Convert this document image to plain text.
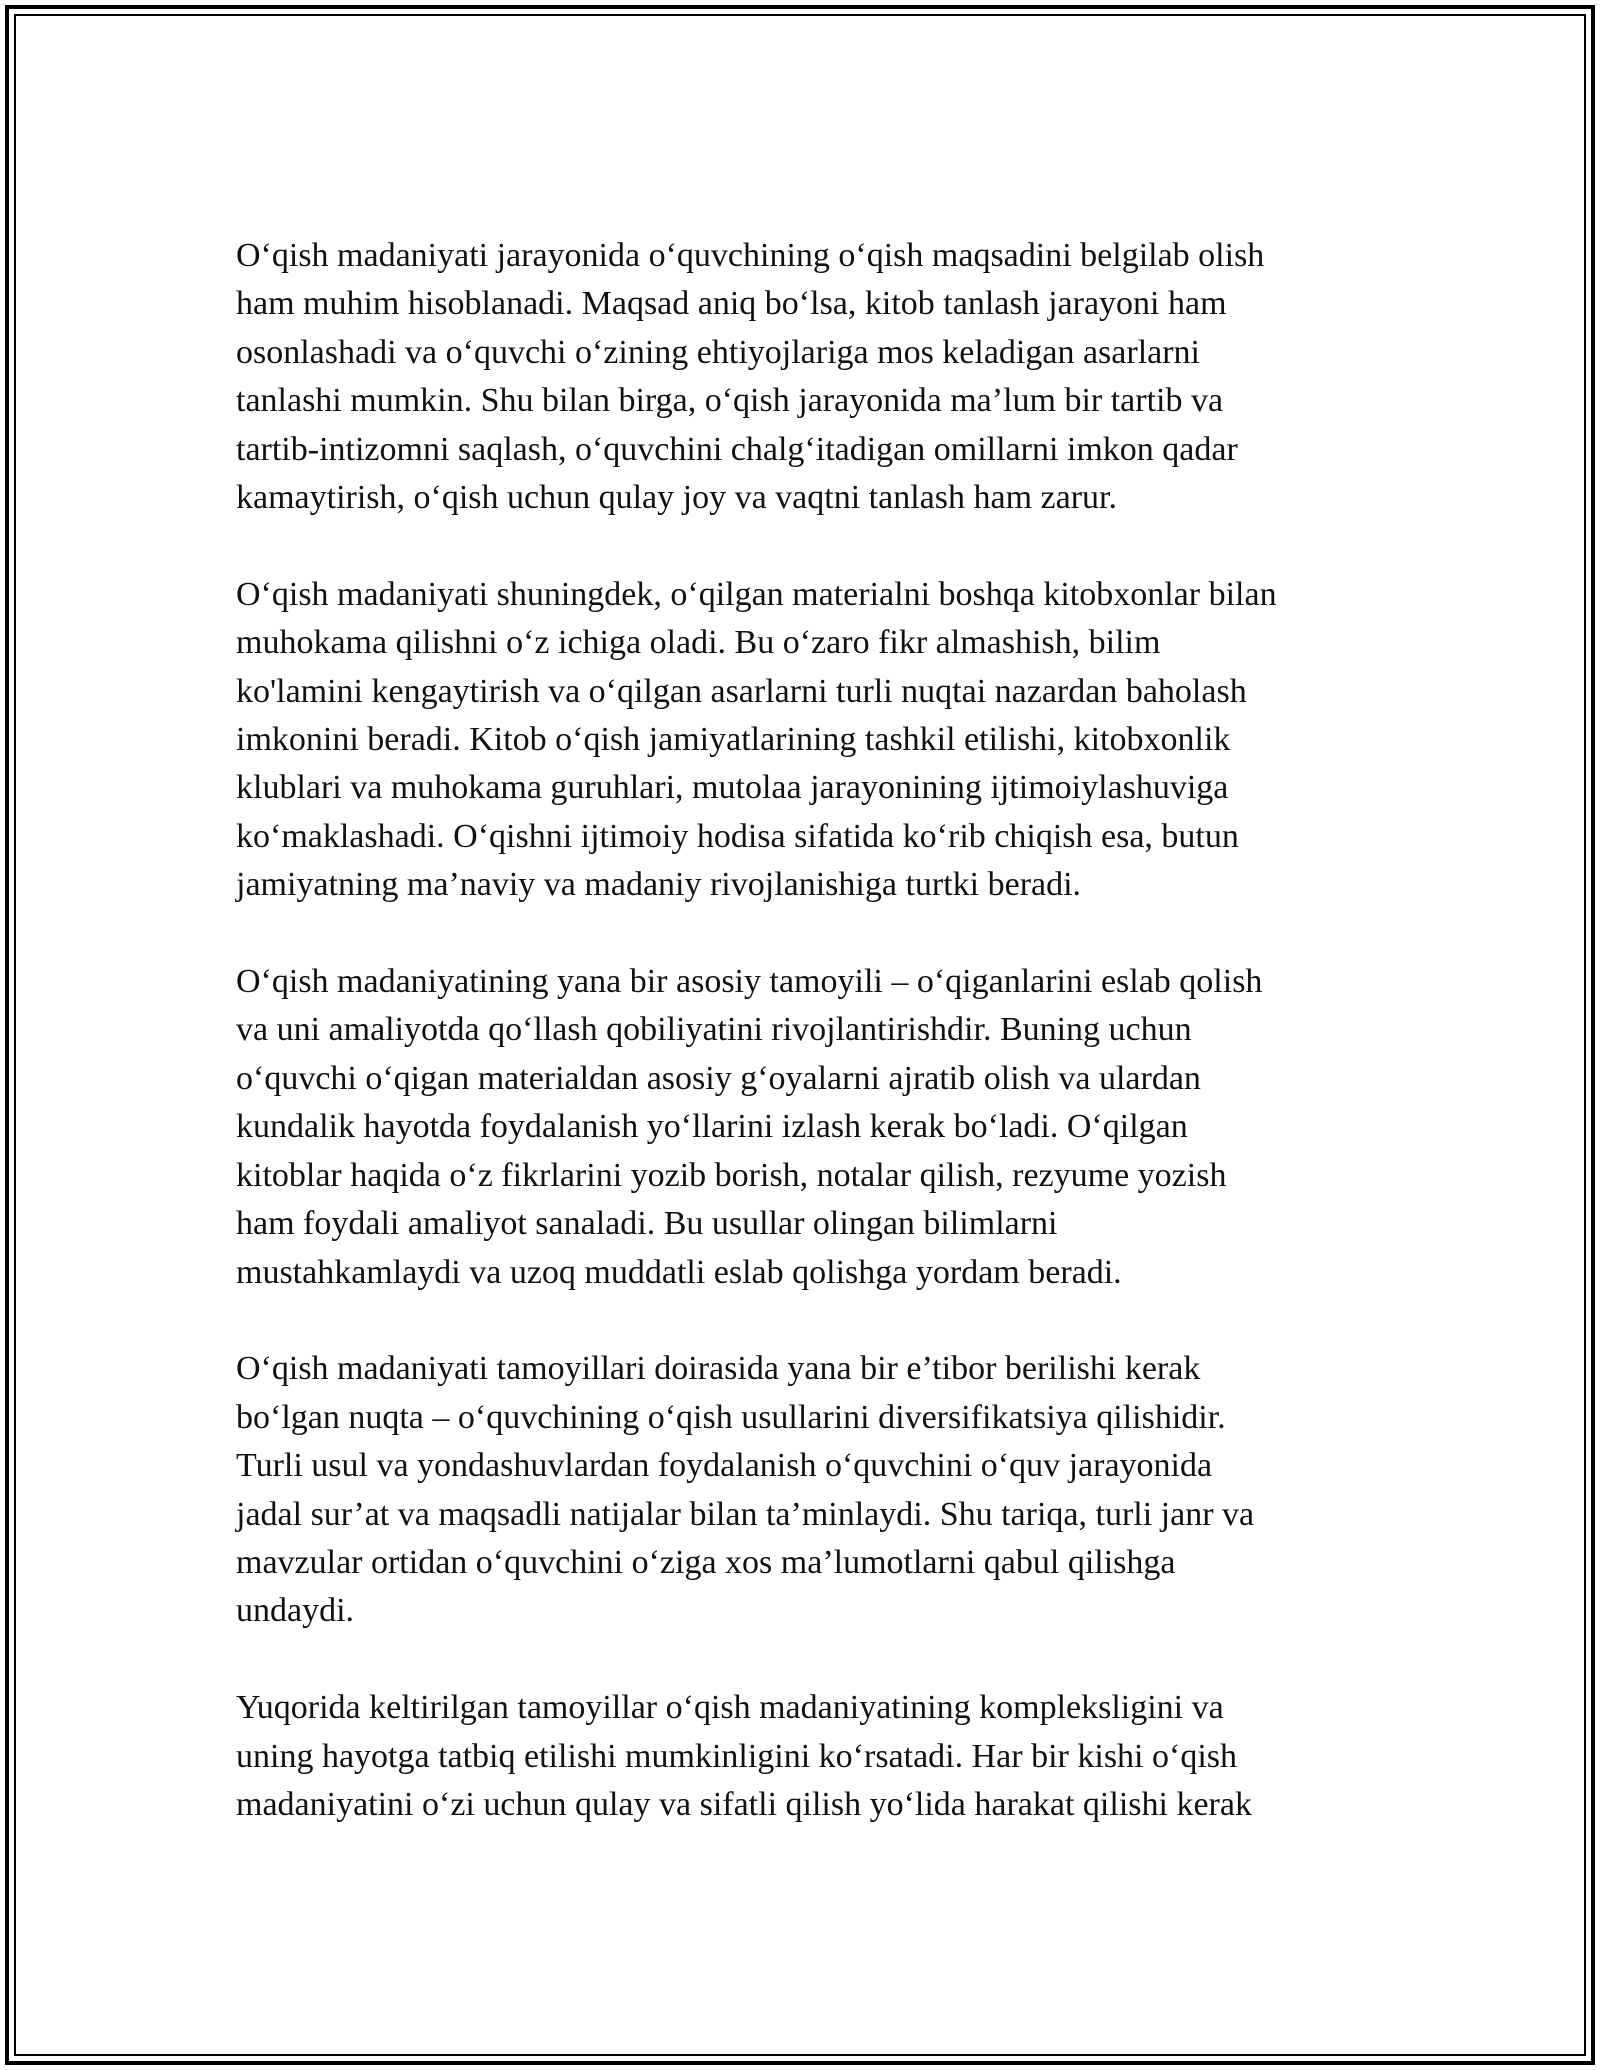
O‘qish madaniyati jarayonida o‘quvchining o‘qish maqsadini belgilab olish
ham muhim hisoblanadi. Maqsad aniq bo‘lsa, kitob tanlash jarayoni ham
osonlashadi va o‘quvchi o‘zining ehtiyojlariga mos keladigan asarlarni
tanlashi mumkin. Shu bilan birga, o‘qish jarayonida ma’lum bir tartib va
tartib-intizomni saqlash, o‘quvchini chalg‘itadigan omillarni imkon qadar
kamaytirish, o‘qish uchun qulay joy va vaqtni tanlash ham zarur.

O‘qish madaniyati shuningdek, o‘qilgan materialni boshqa kitobxonlar bilan
muhokama qilishni o‘z ichiga oladi. Bu o‘zaro fikr almashish, bilim
ko'lamini kengaytirish va o‘qilgan asarlarni turli nuqtai nazardan baholash
imkonini beradi. Kitob o‘qish jamiyatlarining tashkil etilishi, kitobxonlik
klublari va muhokama guruhlari, mutolaa jarayonining ijtimoiylashuviga
ko‘maklashadi. O‘qishni ijtimoiy hodisa sifatida ko‘rib chiqish esa, butun
jamiyatning ma’naviy va madaniy rivojlanishiga turtki beradi.

O‘qish madaniyatining yana bir asosiy tamoyili – o‘qiganlarini eslab qolish
va uni amaliyotda qo‘llash qobiliyatini rivojlantirishdir. Buning uchun
o‘quvchi o‘qigan materialdan asosiy g‘oyalarni ajratib olish va ulardan
kundalik hayotda foydalanish yo‘llarini izlash kerak bo‘ladi. O‘qilgan
kitoblar haqida o‘z fikrlarini yozib borish, notalar qilish, rezyume yozish
ham foydali amaliyot sanaladi. Bu usullar olingan bilimlarni
mustahkamlaydi va uzoq muddatli eslab qolishga yordam beradi.

O‘qish madaniyati tamoyillari doirasida yana bir e’tibor berilishi kerak
bo‘lgan nuqta – o‘quvchining o‘qish usullarini diversifikatsiya qilishidir.
Turli usul va yondashuvlardan foydalanish o‘quvchini o‘quv jarayonida
jadal sur’at va maqsadli natijalar bilan ta’minlaydi. Shu tariqa, turli janr va
mavzular ortidan o‘quvchini o‘ziga xos ma’lumotlarni qabul qilishga
undaydi.

Yuqorida keltirilgan tamoyillar o‘qish madaniyatining kompleksligini va
uning hayotga tatbiq etilishi mumkinligini ko‘rsatadi. Har bir kishi o‘qish
madaniyatini o‘zi uchun qulay va sifatli qilish yo‘lida harakat qilishi kerak
